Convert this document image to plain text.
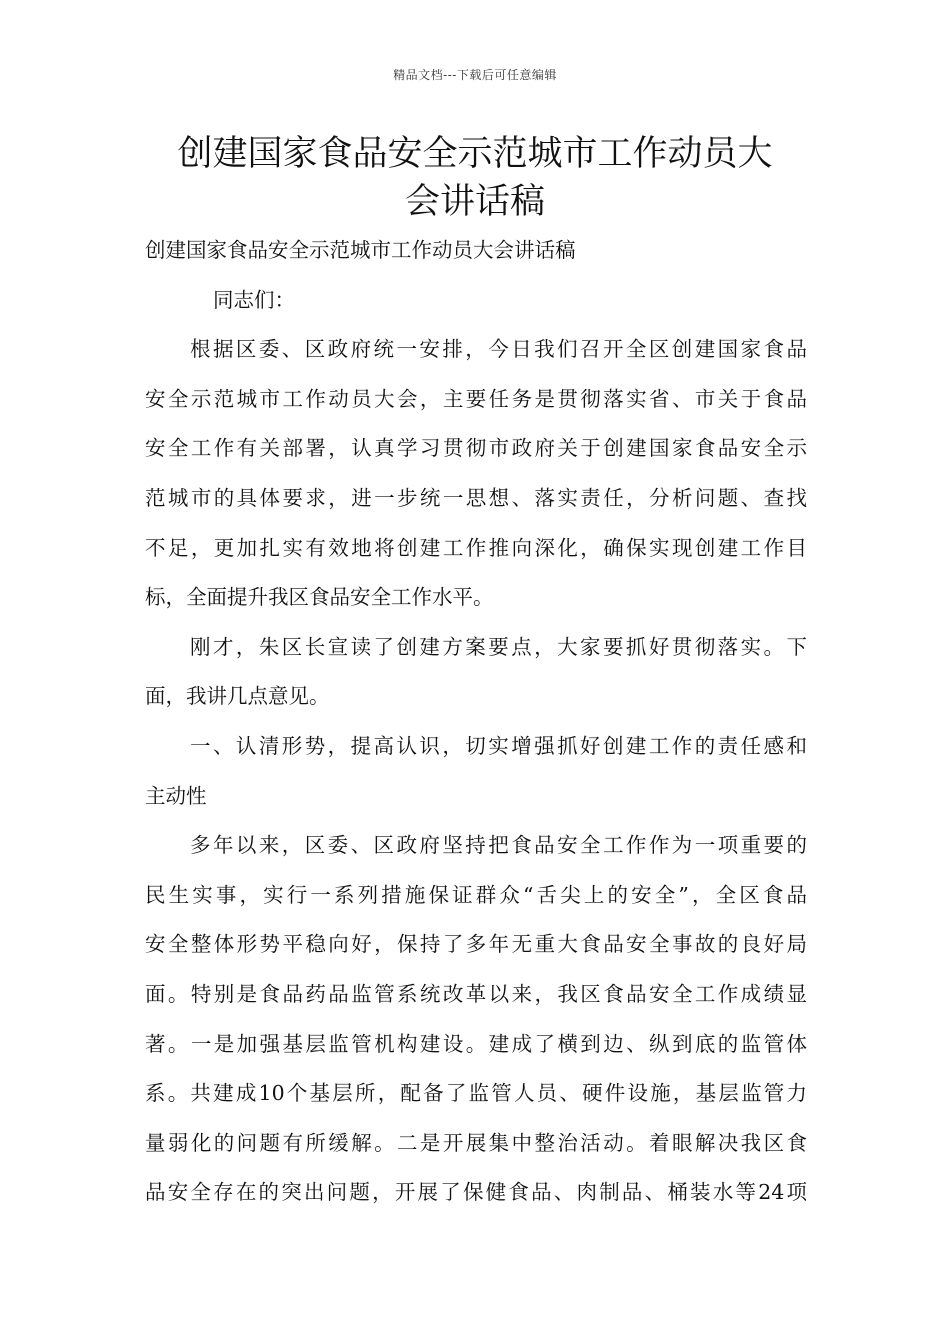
精品文档---下载后可任意编辑
创建国家食品安全示范城市工作动员大
会讲话稿
创建国家食品安全示范城市工作动员大会讲话稿
同志们：
根据区委、区政府统一安排，今日我们召开全区创建国家食品
安全示范城市工作动员大会，主要任务是贯彻落实省、市关于食品
安全工作有关部署，认真学习贯彻市政府关于创建国家食品安全示
范城市的具体要求，进一步统一思想、落实责任，分析问题、查找
不足，更加扎实有效地将创建工作推向深化，确保实现创建工作目
标，全面提升我区食品安全工作水平。
刚才，朱区长宣读了创建方案要点，大家要抓好贯彻落实。下
面，我讲几点意见。
一、认清形势，提高认识，切实增强抓好创建工作的责任感和
主动性
多年以来，区委、区政府坚持把食品安全工作作为一项重要的
民生实事，实行一系列措施保证群众“舌尖上的安全”，全区食品
安全整体形势平稳向好，保持了多年无重大食品安全事故的良好局
面。特别是食品药品监管系统改革以来，我区食品安全工作成绩显
著。一是加强基层监管机构建设。建成了横到边、纵到底的监管体
系。共建成10个基层所，配备了监管人员、硬件设施，基层监管力
量弱化的问题有所缓解。二是开展集中整治活动。着眼解决我区食
品安全存在的突出问题，开展了保健食品、肉制品、桶装水等24项
